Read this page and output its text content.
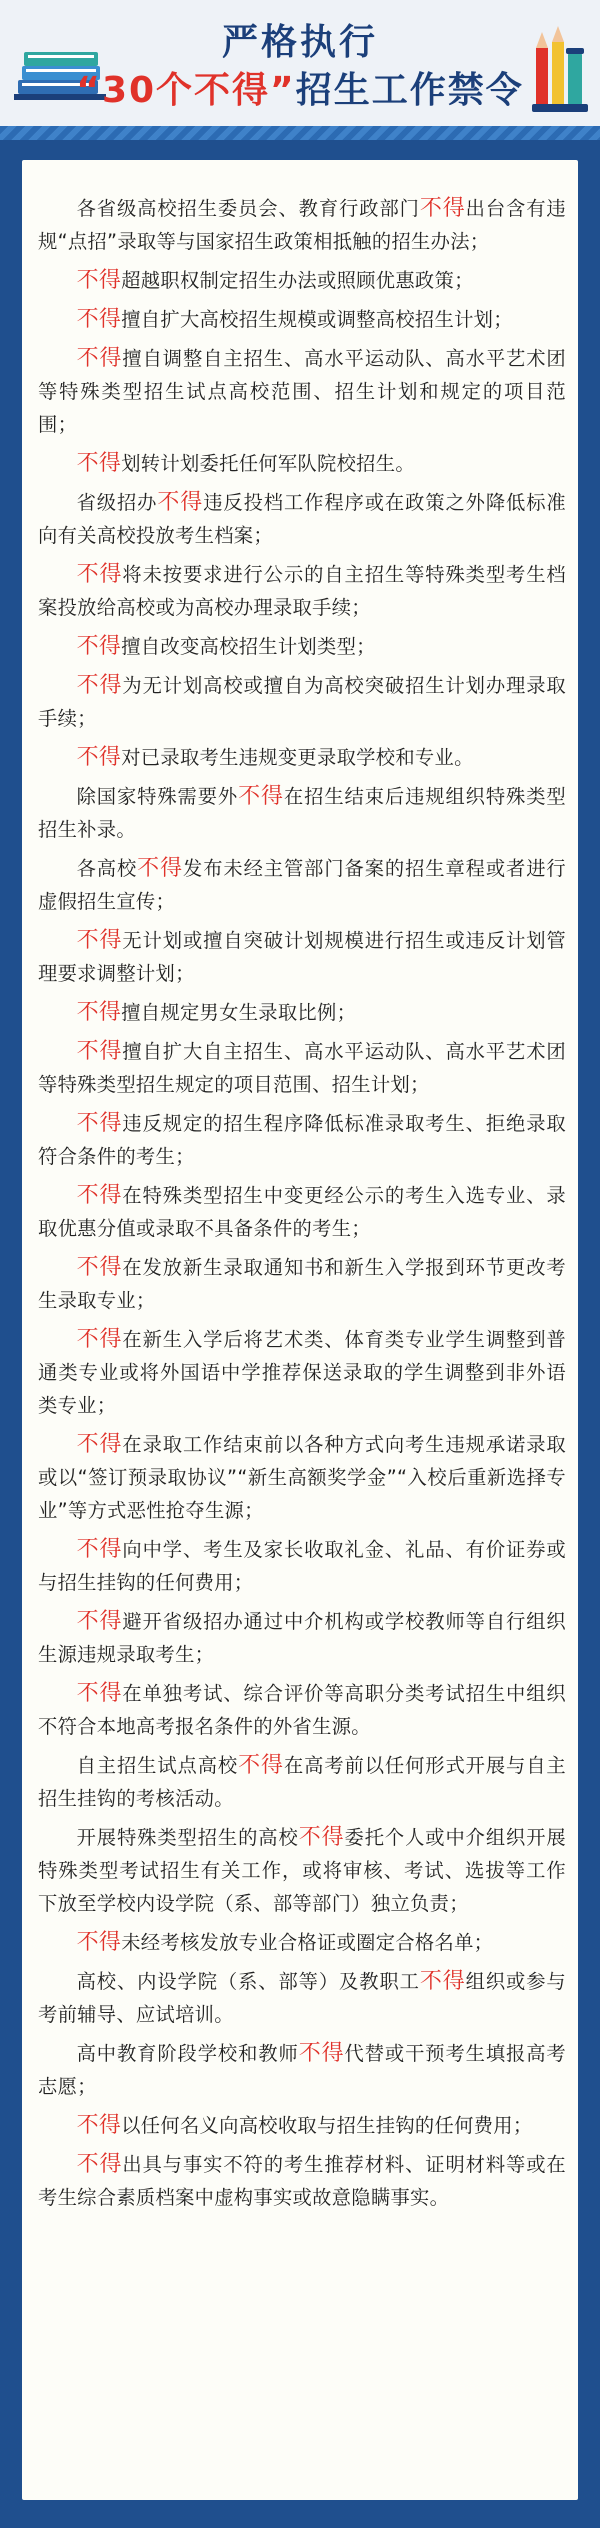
严格执行
“30个不得”招生工作禁令

各省级高校招生委员会、教育行政部门不得出台含有违规“点招”录取等与国家招生政策相抵触的招生办法；

不得超越职权制定招生办法或照顾优惠政策；

不得擅自扩大高校招生规模或调整高校招生计划；

不得擅自调整自主招生、高水平运动队、高水平艺术团等特殊类型招生试点高校范围、招生计划和规定的项目范围；

不得划转计划委托任何军队院校招生。

省级招办不得违反投档工作程序或在政策之外降低标准向有关高校投放考生档案；

不得将未按要求进行公示的自主招生等特殊类型考生档案投放给高校或为高校办理录取手续；

不得擅自改变高校招生计划类型；

不得为无计划高校或擅自为高校突破招生计划办理录取手续；

不得对已录取考生违规变更录取学校和专业。

除国家特殊需要外不得在招生结束后违规组织特殊类型招生补录。

各高校不得发布未经主管部门备案的招生章程或者进行虚假招生宣传；

不得无计划或擅自突破计划规模进行招生或违反计划管理要求调整计划；

不得擅自规定男女生录取比例；

不得擅自扩大自主招生、高水平运动队、高水平艺术团等特殊类型招生规定的项目范围、招生计划；

不得违反规定的招生程序降低标准录取考生、拒绝录取符合条件的考生；

不得在特殊类型招生中变更经公示的考生入选专业、录取优惠分值或录取不具备条件的考生；

不得在发放新生录取通知书和新生入学报到环节更改考生录取专业；

不得在新生入学后将艺术类、体育类专业学生调整到普通类专业或将外国语中学推荐保送录取的学生调整到非外语类专业；

不得在录取工作结束前以各种方式向考生违规承诺录取或以“签订预录取协议”“新生高额奖学金”“入校后重新选择专业”等方式恶性抢夺生源；

不得向中学、考生及家长收取礼金、礼品、有价证券或与招生挂钩的任何费用；

不得避开省级招办通过中介机构或学校教师等自行组织生源违规录取考生；

不得在单独考试、综合评价等高职分类考试招生中组织不符合本地高考报名条件的外省生源。

自主招生试点高校不得在高考前以任何形式开展与自主招生挂钩的考核活动。

开展特殊类型招生的高校不得委托个人或中介组织开展特殊类型考试招生有关工作，或将审核、考试、选拔等工作下放至学校内设学院（系、部等部门）独立负责；

不得未经考核发放专业合格证或圈定合格名单；

高校、内设学院（系、部等）及教职工不得组织或参与考前辅导、应试培训。

高中教育阶段学校和教师不得代替或干预考生填报高考志愿；

不得以任何名义向高校收取与招生挂钩的任何费用；

不得出具与事实不符的考生推荐材料、证明材料等或在考生综合素质档案中虚构事实或故意隐瞒事实。
